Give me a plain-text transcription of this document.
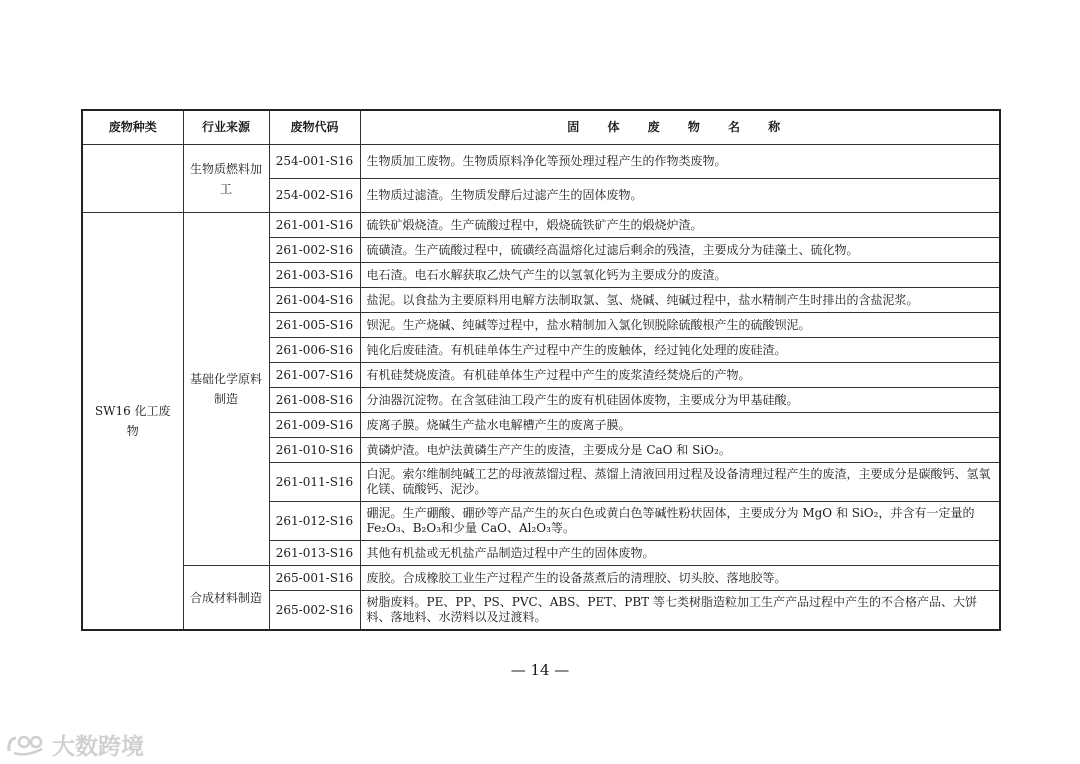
废物种类	行业来源	废物代码	固 体 废 物 名 称
	生物质燃料加工	254-001-S16	生物质加工废物。生物质原料净化等预处理过程产生的作物类废物。
		254-002-S16	生物质过滤渣。生物质发酵后过滤产生的固体废物。
SW16 化工废物	基础化学原料制造	261-001-S16	硫铁矿煅烧渣。生产硫酸过程中，煅烧硫铁矿产生的煅烧炉渣。
		261-002-S16	硫磺渣。生产硫酸过程中，硫磺经高温熔化过滤后剩余的残渣，主要成分为硅藻土、硫化物。
		261-003-S16	电石渣。电石水解获取乙炔气产生的以氢氧化钙为主要成分的废渣。
		261-004-S16	盐泥。以食盐为主要原料用电解方法制取氯、氢、烧碱、纯碱过程中，盐水精制产生时排出的含盐泥浆。
		261-005-S16	钡泥。生产烧碱、纯碱等过程中，盐水精制加入氯化钡脱除硫酸根产生的硫酸钡泥。
		261-006-S16	钝化后废硅渣。有机硅单体生产过程中产生的废触体，经过钝化处理的废硅渣。
		261-007-S16	有机硅焚烧废渣。有机硅单体生产过程中产生的废浆渣经焚烧后的产物。
		261-008-S16	分油器沉淀物。在含氢硅油工段产生的废有机硅固体废物，主要成分为甲基硅酸。
		261-009-S16	废离子膜。烧碱生产盐水电解槽产生的废离子膜。
		261-010-S16	黄磷炉渣。电炉法黄磷生产产生的废渣，主要成分是 CaO 和 SiO₂。
		261-011-S16	白泥。索尔维制纯碱工艺的母液蒸馏过程、蒸馏上清液回用过程及设备清理过程产生的废渣，主要成分是碳酸钙、氢氧化镁、硫酸钙、泥沙。
		261-012-S16	硼泥。生产硼酸、硼砂等产品产生的灰白色或黄白色等碱性粉状固体，主要成分为 MgO 和 SiO₂，并含有一定量的 Fe₂O₃、B₂O₃和少量 CaO、Al₂O₃等。
		261-013-S16	其他有机盐或无机盐产品制造过程中产生的固体废物。
	合成材料制造	265-001-S16	废胶。合成橡胶工业生产过程产生的设备蒸煮后的清理胶、切头胶、落地胶等。
		265-002-S16	树脂废料。PE、PP、PS、PVC、ABS、PET、PBT 等七类树脂造粒加工生产产品过程中产生的不合格产品、大饼料、落地料、水涝料以及过渡料。
— 14 —
大数跨境
